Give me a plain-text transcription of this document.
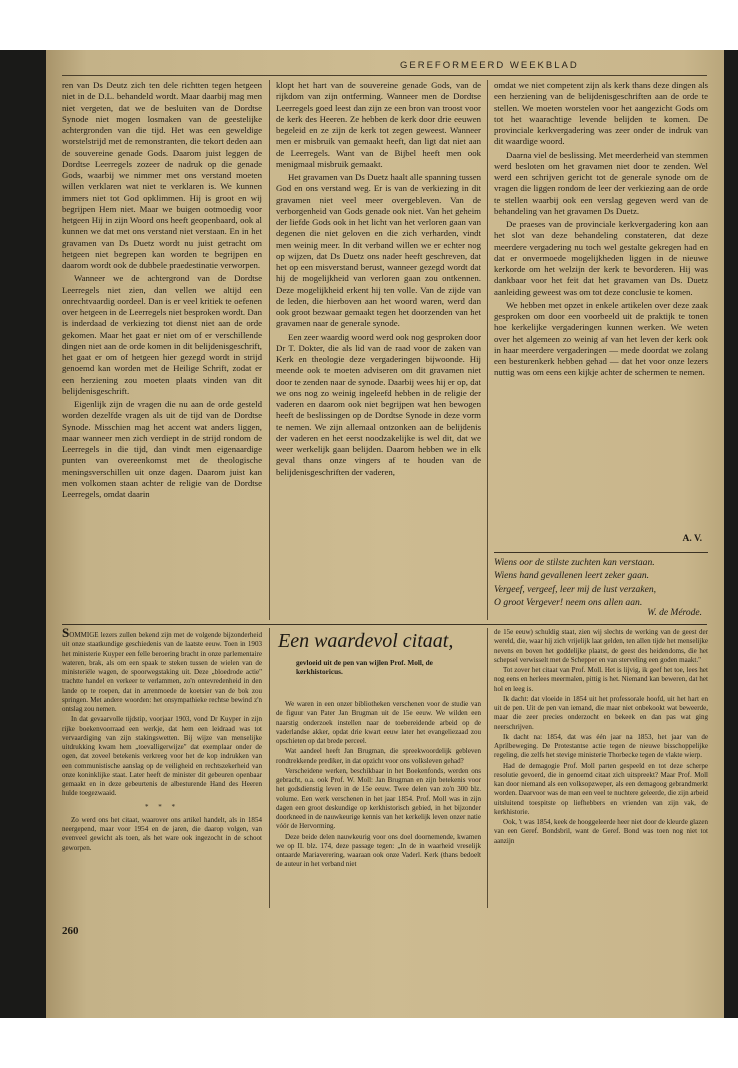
GEREFORMEERD WEEKBLAD

ren van Ds Deutz zich ten dele richtten tegen hetgeen niet in de D.L. behandeld wordt. Maar daarbij mag men niet vergeten, dat we de besluiten van de Dordtse Synode niet mogen losmaken van de geestelijke achtergronden van die tijd. Het was een geweldige worstelstrijd met de remonstranten, die tekort deden aan de souvereine genade Gods. Daarom juist leggen de Dordtse Leerregels zozeer de nadruk op die genade Gods, waarbij we nimmer met ons verstand moeten willen verklaren wat niet te verklaren is. We kunnen immers niet tot God opklimmen. Hij is groot en wij begrijpen Hem niet. Maar we buigen ootmoedig voor hetgeen Hij in zijn Woord ons heeft geopenbaard, ook al kunnen we dat met ons verstand niet verstaan. En in het gravamen van Ds Duetz wordt nu juist getracht om hetgeen niet begrepen kan worden te begrijpen en daarom wordt ook de dubbele praedestinatie verworpen.

Wanneer we de achtergrond van de Dordtse Leerregels niet zien, dan vellen we altijd een onrechtvaardig oordeel. Dan is er veel kritiek te oefenen over hetgeen in de Leerregels niet besproken wordt. Dan is inderdaad de verkiezing tot dienst niet aan de orde gekomen. Maar het gaat er niet om of er verschillende dingen niet aan de orde komen in dit belijdenisgeschrift, het gaat er om of hetgeen hier gezegd wordt in strijd genoemd kan worden met de Heilige Schrift, zodat er een herziening zou moeten plaats vinden van dit belijdenisgeschrift.

Eigenlijk zijn de vragen die nu aan de orde gesteld worden dezelfde vragen als uit de tijd van de Dordtse Synode. Misschien mag het accent wat anders liggen, maar wanneer men zich verdiept in de strijd rondom de Leerregels in die tijd, dan vindt men eigenaardige punten van overeenkomst met de theologische meningsverschillen uit onze dagen. Daarom juist kan men volkomen staan achter de religie van de Dordtse Leerregels, omdat daarin

klopt het hart van de souvereine genade Gods, van de rijkdom van zijn ontferming. Wanneer men de Dordtse Leerregels goed leest dan zijn ze een bron van troost voor de kerk des Heeren. Ze hebben de kerk door drie eeuwen begeleid en ze zijn de kerk tot zegen geweest. Wanneer men er misbruik van gemaakt heeft, dan ligt dat niet aan de Leerregels. Want van de Bijbel heeft men ook menigmaal misbruik gemaakt.

Het gravamen van Ds Duetz haalt alle spanning tussen God en ons verstand weg. Er is van de verkiezing in dit gravamen niet veel meer overgebleven. Van de verborgenheid van Gods genade ook niet. Van het geheim der liefde Gods ook in het licht van het verloren gaan van degenen die niet geloven en die zich verharden, vindt men weinig meer. In dit verband willen we er echter nog op wijzen, dat Ds Duetz ons nader heeft geschreven, dat het op een misverstand berust, wanneer gezegd wordt dat hij de mogelijkheid van verloren gaan zou ontkennen. Deze mogelijkheid erkent hij ten volle. Van de zijde van de leden, die hierboven aan het woord waren, werd dan ook groot bezwaar gemaakt tegen het doorzenden van het gravamen naar de generale synode.

Een zeer waardig woord werd ook nog gesproken door Dr T. Dokter, die als lid van de raad voor de zaken van Kerk en theologie deze vergaderingen bijwoonde. Hij meende ook te moeten adviseren om dit gravamen niet door te zenden naar de synode. Daarbij wees hij er op, dat we ons nog zo weinig ingeleefd hebben in de religie der vaderen en daarom ook niet begrijpen wat hen bewogen heeft de beslissingen op de Dordtse Synode in deze vorm te nemen. We zijn allemaal ontzonken aan de belijdenis der vaderen en het eerst noodzakelijke is wel dit, dat we weer werkelijk gaan belijden. Daarom hebben we in elk geval thans onze vingers af te houden van de belijdenisgeschriften der vaderen,

omdat we niet competent zijn als kerk thans deze dingen als een herziening van de belijdenisgeschriften aan de orde te stellen. We moeten worstelen voor het aangezicht Gods om tot het waarachtige levende belijden te komen. De provinciale kerkvergadering was zeer onder de indruk van dit waardige woord.

Daarna viel de beslissing. Met meerderheid van stemmen werd besloten om het gravamen niet door te zenden. Wel werd een schrijven gericht tot de generale synode om de vragen die liggen rondom de leer der verkiezing aan de orde te stellen waarbij ook een verslag gegeven werd van de behandeling van het gravamen Ds Duetz.

De praeses van de provinciale kerkvergadering kon aan het slot van deze behandeling constateren, dat deze meerdere vergadering nu toch wel gestalte gekregen had en dat er onvermoede mogelijkheden liggen in de nieuwe kerkorde om het welzijn der kerk te bevorderen. Hij was dankbaar voor het feit dat het gravamen van Ds. Duetz aanleiding geweest was om tot deze conclusie te komen.

We hebben met opzet in enkele artikelen over deze zaak gesproken om door een voorbeeld uit de praktijk te tonen hoe kerkelijke vergaderingen kunnen werken. We weten over het algemeen zo weinig af van het leven der kerk ook in haar meerdere vergaderingen — mede doordat we zolang een besturenkerk hebben gehad — dat het voor onze lezers nuttig was om eens een kijkje achter de schermen te nemen.

A. V.
Wiens oor de stilste zuchten kan verstaan.
Wiens hand gevallenen leert zeker gaan.
Vergeef, vergeef, leer mij de lust verzaken,
O groot Vergever! neem ons allen aan.
W. de Mérode.

SOMMIGE lezers zullen bekend zijn met de volgende bijzonderheid uit onze staatkundige geschiedenis van de laatste eeuw. Toen in 1903 het ministerie Kuyper een felle beroering bracht in onze parlementaire wateren, brak, als om een spaak te steken tussen de wielen van de ministeriële wagen, de spoorwegstaking uit. Deze „bloedrode actie" trachtte handel en verkeer te verlammen, zo'n ontevredenheid in den lande op te roepen, dat in arrenmoede de koetsier van de bok zou springen. Met andere woorden: het onsympathieke rechtse bewind z'n ontslag zou nemen.

In dat gevaarvolle tijdstip, voorjaar 1903, vond Dr Kuyper in zijn rijke boekenvoorraad een werkje, dat hem een leidraad was tot vervaardiging van zijn stakingswetten. Bij wijze van menselijke uitdrukking kwam hem „toevalligerwijze" dat exemplaar onder de ogen, dat zoveel betekenis verkreeg voor het de kop indrukken van een communistische aanslag op de veiligheid en rechtszekerheid van onze koninklijke staat. Later heeft de minister dit gebeuren openbaar gemaakt en in deze gebeurtenis de albesturende Hand des Heeren hulde toegezwaaid.

* * *

Zo werd ons het citaat, waarover ons artikel handelt, als in 1854 neergepend, maar voor 1954 en de jaren, die daarop volgen, van evenveel gewicht als toen, als het ware ook ingezocht in de schoot geworpen.

Een waardevol citaat,
gevloeid uit de pen van wijlen Prof. Moll, de kerkhistoricus.

We waren in een onzer bibliotheken verschenen voor de studie van de figuur van Pater Jan Brugman uit de 15e eeuw. We wilden een naarstig onderzoek instellen naar de toebereidende arbeid op de vaderlandse akker, opdat drie kwart eeuw later het evangeliezaad zou opschieten op dat brede perceel.

Wat aandeel heeft Jan Brugman, die spreekwoordelijk gebleven rondtrekkende prediker, in dat opzicht voor ons volksleven gehad?

Verscheidene werken, beschikbaar in het Boekenfonds, werden ons gebracht, o.a. ook Prof. W. Moll: Jan Brugman en zijn betekenis voor het godsdienstig leven in de 15e eeuw. Twee delen van zo'n 300 blz. volume. Een werk verschenen in het jaar 1854. Prof. Moll was in zijn dagen een groot deskundige op kerkhistorisch gebied, in het bijzonder doorkneed in de nauwkeurige kennis van het kerkelijk leven onzer natie vóór de Hervorming.

Deze beide delen nauwkeurig voor ons doel doornemende, kwamen we op II. blz. 174, deze passage tegen: „In de in waarheid vreselijk ontaarde Mariaverering, waaraan ook onze Vaderl. Kerk (thans bedoelt de auteur in het verband niet

de 15e eeuw) schuldig staat, zien wij slechts de werking van de geest der wereld, die, waar hij zich vrijelijk laat gelden, ten allen tijde het menselijke nevens en boven het goddelijke plaatst, de geest des heidendoms, die het schepsel verwisselt met de Schepper en van sterveling een goden maakt."

Tot zover het citaat van Prof. Moll. Het is lijvig, ik geef het toe, lees het nog eens en herlees meermalen, pittig is het. Niemand kan beweren, dat het hol en leeg is.

Ik dacht: dat vloeide in 1854 uit het professorale hoofd, uit het hart en uit de pen. Uit de pen van iemand, die maar niet onbekookt wat beweerde, maar die zeer precies onderzocht en bekeek en dan pas wat ging neerschrijven.

Ik dacht na: 1854, dat was één jaar na 1853, het jaar van de Aprilbeweging. De Protestantse actie tegen de nieuwe bisschoppelijke regeling, die zelfs het stevige ministerie Thorbecke tegen de vlakte wierp.

Had de demagogie Prof. Moll parten gespeeld en tot deze scherpe resolutie gevoerd, die in genoemd citaat zich uitspreekt? Maar Prof. Moll kan door niemand als een volksopzweper, als een demagoog gebrandmerkt worden. Daarvoor was de man een veel te nuchtere geleerde, die zijn arbeid uitsluitend toespitste op liefhebbers en vrienden van zijn vak, de kerkhistorie.

Ook, 't was 1854, keek de hooggeleerde heer niet door de kleurde glazen van een Geref. Bondsbril, want de Geref. Bond was toen nog niet tot aanzijn

260
